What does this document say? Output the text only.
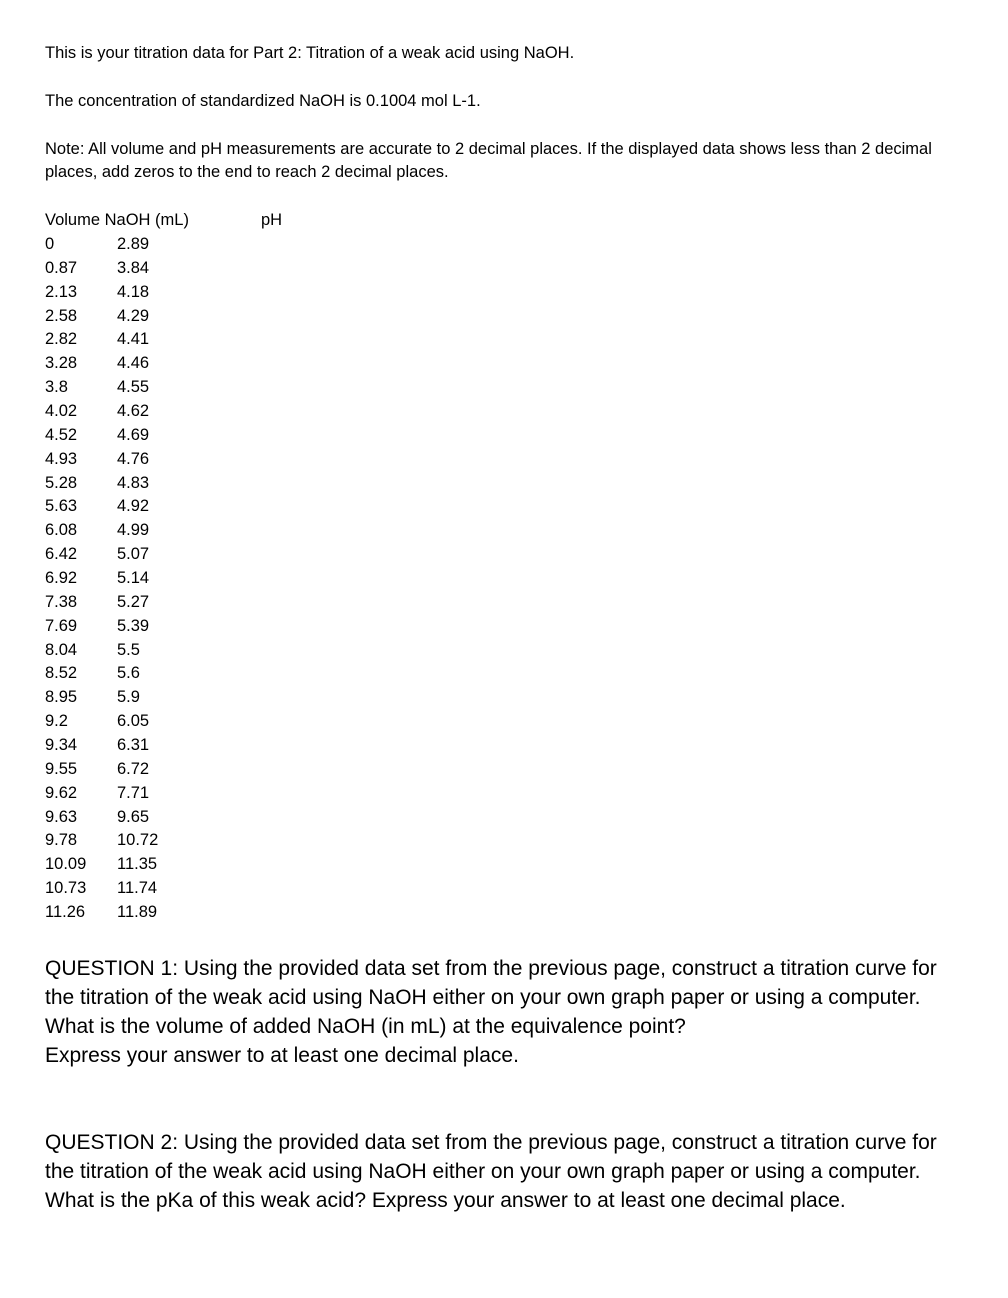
This is your titration data for Part 2: Titration of a weak acid using NaOH.

The concentration of standardized NaOH is 0.1004 mol L-1.

Note: All volume and pH measurements are accurate to 2 decimal places. If the displayed data shows less than 2 decimal places, add zeros to the end to reach 2 decimal places.

Volume NaOH (mL)	pH
0	2.89
0.87 3.84
2.13 4.18
2.58 4.29
2.82 4.41
3.28 4.46
3.8	4.55
4.02 4.62
4.52 4.69
4.93 4.76
5.28 4.83
5.63 4.92
6.08 4.99
6.42 5.07
6.92 5.14
7.38 5.27
7.69 5.39
8.04 5.5
8.52 5.6
8.95 5.9
9.2	6.05
9.34 6.31
9.55 6.72
9.62 7.71
9.63 9.65
9.78 10.72
10.09 11.35
10.73 11.74
11.26 11.89
QUESTION 1: Using the provided data set from the previous page, construct a titration curve for the titration of the weak acid using NaOH either on your own graph paper or using a computer.
What is the volume of added NaOH (in mL) at the equivalence point?
Express your answer to at least one decimal place.

QUESTION 2: Using the provided data set from the previous page, construct a titration curve for the titration of the weak acid using NaOH either on your own graph paper or using a computer. What is the pKa of this weak acid? Express your answer to at least one decimal place.
